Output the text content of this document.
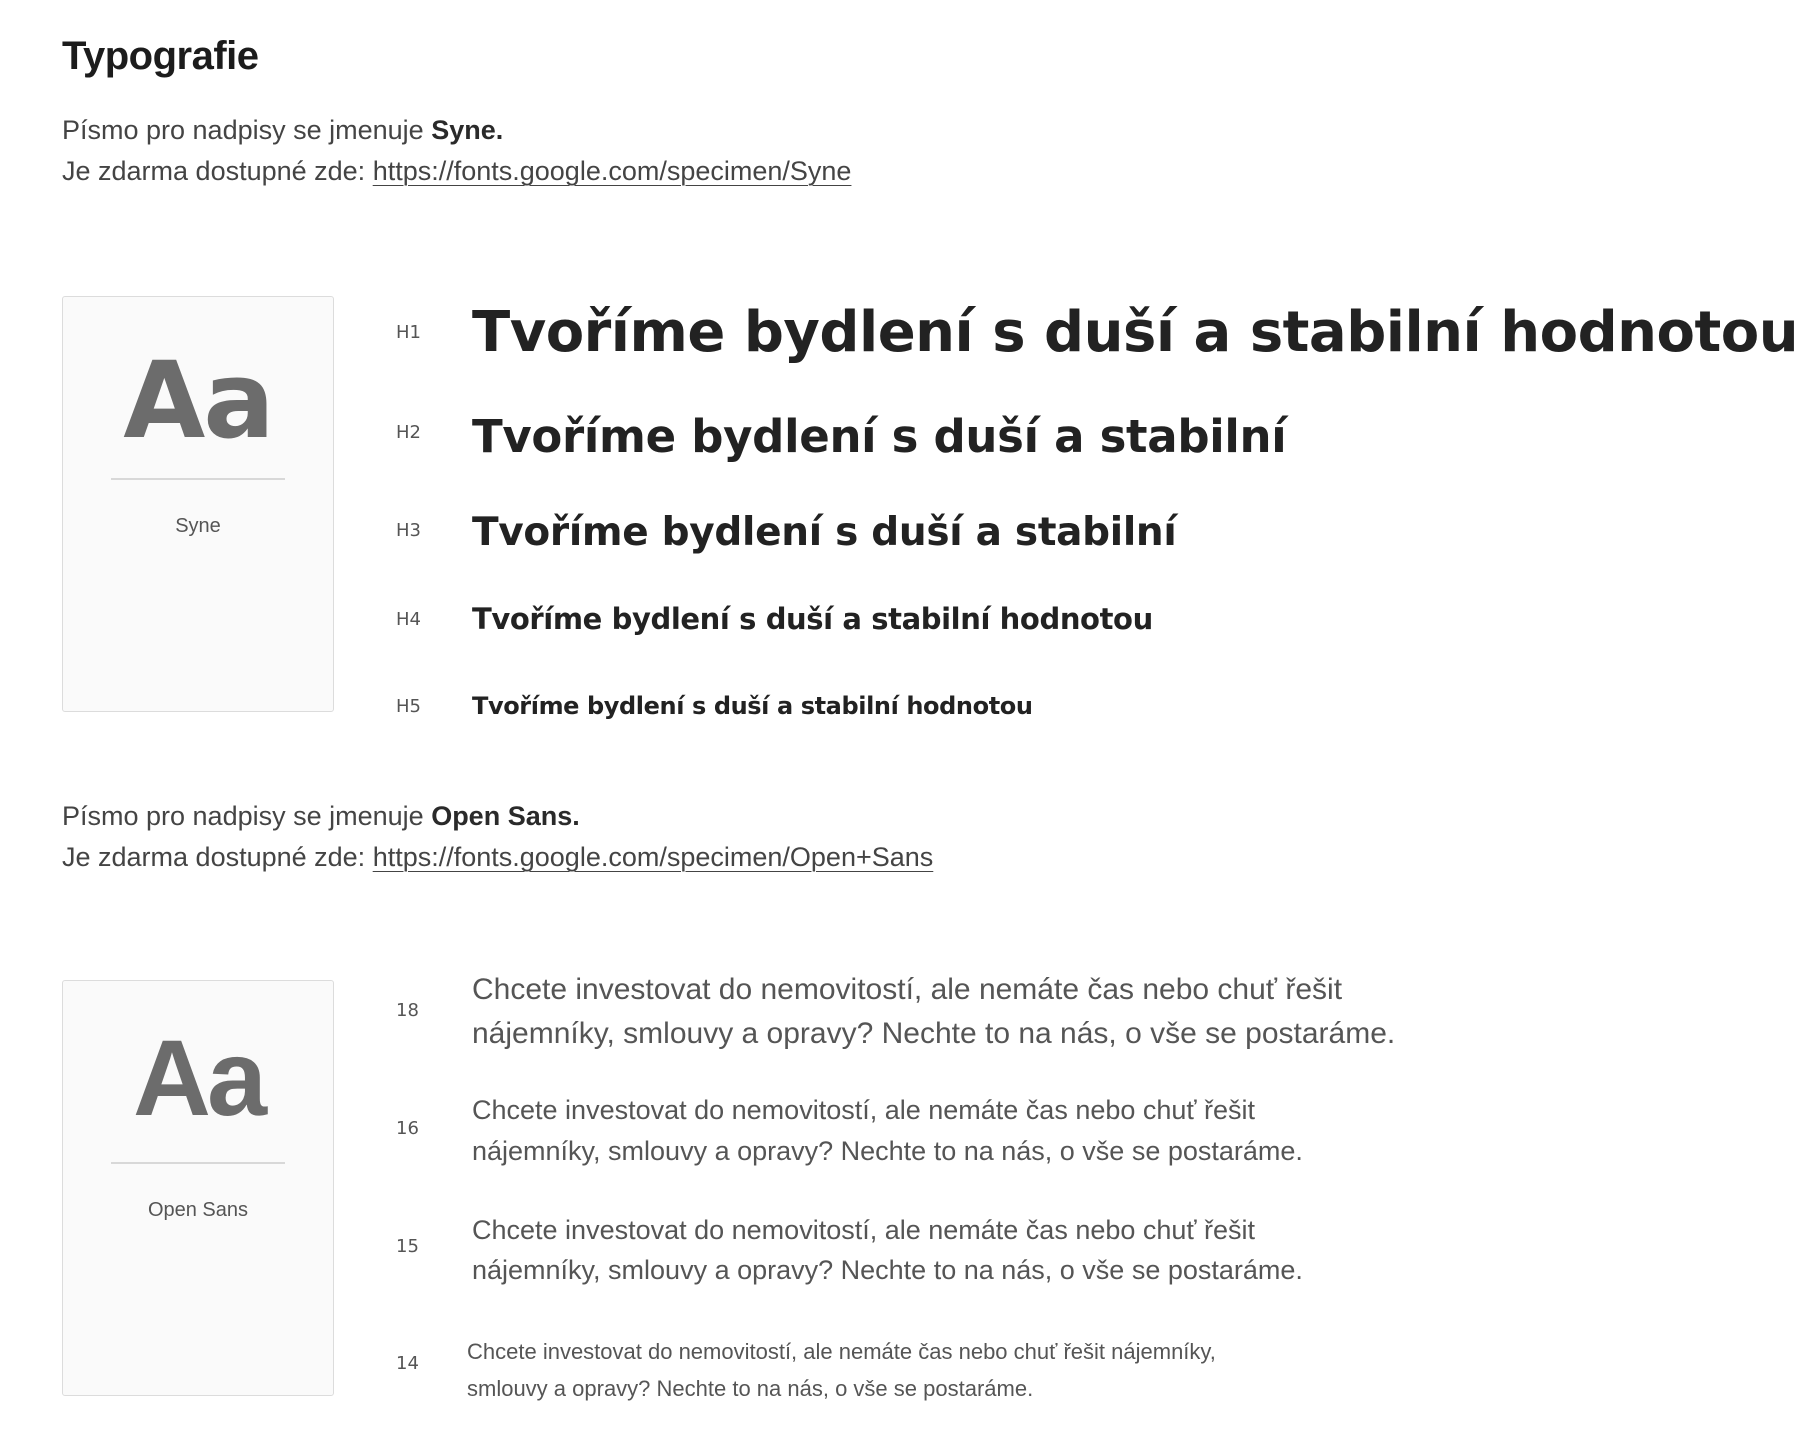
Typografie
Písmo pro nadpisy se jmenuje Syne.
Je zdarma dostupné zde: https://fonts.google.com/specimen/Syne
Aa
Syne
H1 Tvoříme bydlení s duší a stabilní hodnotou
H2	Tvoříme bydlení s duší a stabilní
H3	Tvoříme bydlení s duší a stabilní
H4	Tvoříme bydlení s duší a stabilní hodnotou
H5	Tvoříme bydlení s duší a stabilní hodnotou
Písmo pro nadpisy se jmenuje Open Sans.
Je zdarma dostupné zde: https://fonts.google.com/specimen/Open+Sans
Aa
Open Sans
18
Chcete investovat do nemovitostí, ale nemáte čas nebo chuť řešit
nájemníky, smlouvy a opravy? Nechte to na nás, o vše se postaráme.
16
Chcete investovat do nemovitostí, ale nemáte čas nebo chuť řešit
nájemníky, smlouvy a opravy? Nechte to na nás, o vše se postaráme.
15
Chcete investovat do nemovitostí, ale nemáte čas nebo chuť řešit
nájemníky, smlouvy a opravy? Nechte to na nás, o vše se postaráme.
14	Chcete investovat do nemovitostí, ale nemáte čas nebo chuť řešit nájemníky,
smlouvy a opravy? Nechte to na nás, o vše se postaráme.
